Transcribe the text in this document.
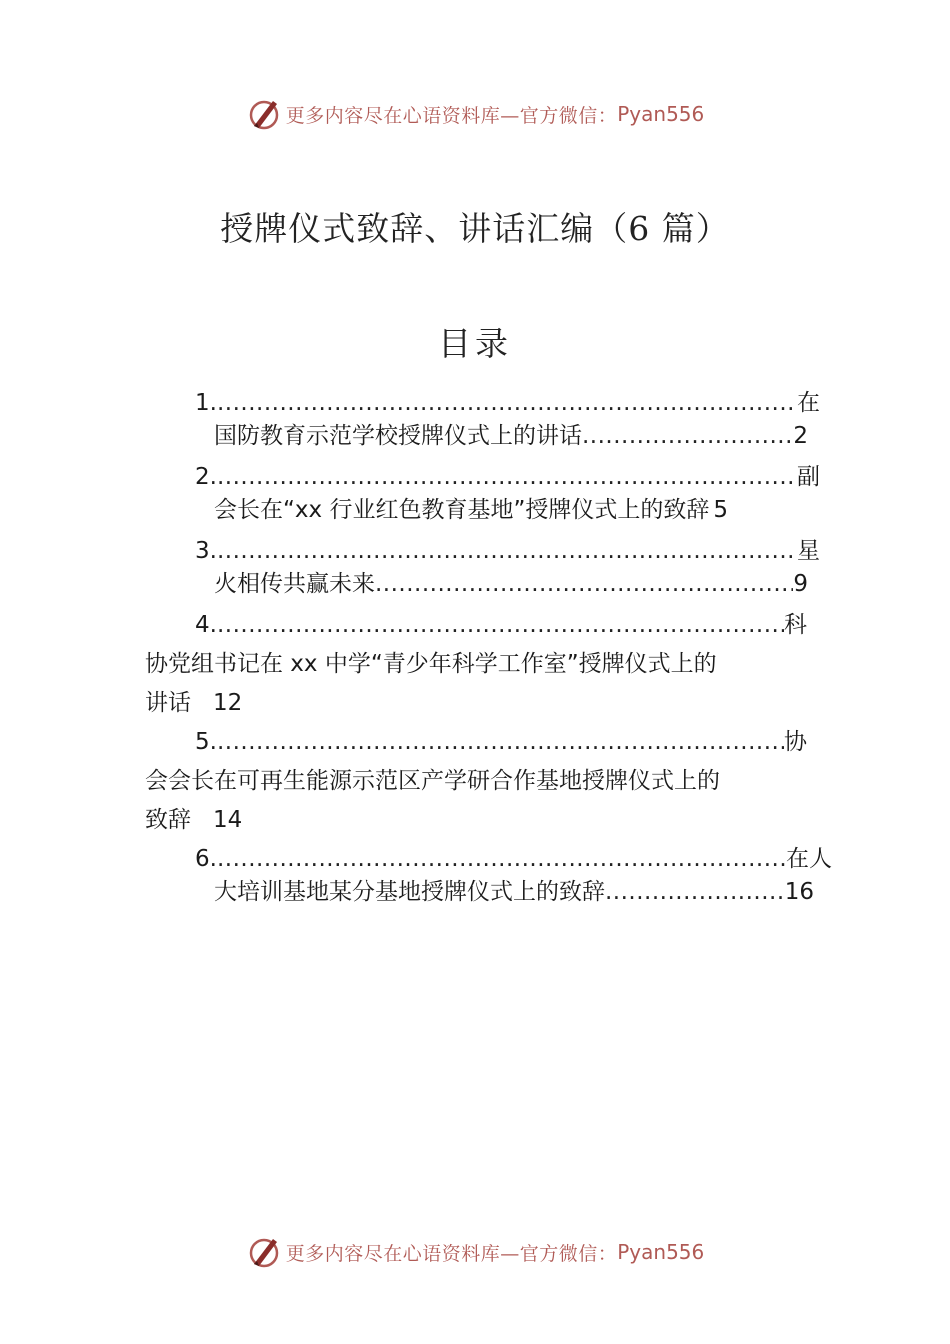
更多内容尽在心语资料库—官方微信： Pyan556
授牌仪式致辞、讲话汇编（6 篇）
目录
1. .....	在
国防教育示范学校授牌仪式上的讲话 .....	2
2. .....	副
会长在“xx 行业红色教育基地”授牌仪式上的致辞 5
3. .....	星
火相传共赢未来 .....	9
4. .....	科
协党组书记在 xx 中学“青少年科学工作室”授牌仪式上的
讲话 12
5. .....	协
会会长在可再生能源示范区产学研合作基地授牌仪式上的
致辞 14
6. .....	在人
大培训基地某分基地授牌仪式上的致辞 .....	16
更多内容尽在心语资料库—官方微信： Pyan556
